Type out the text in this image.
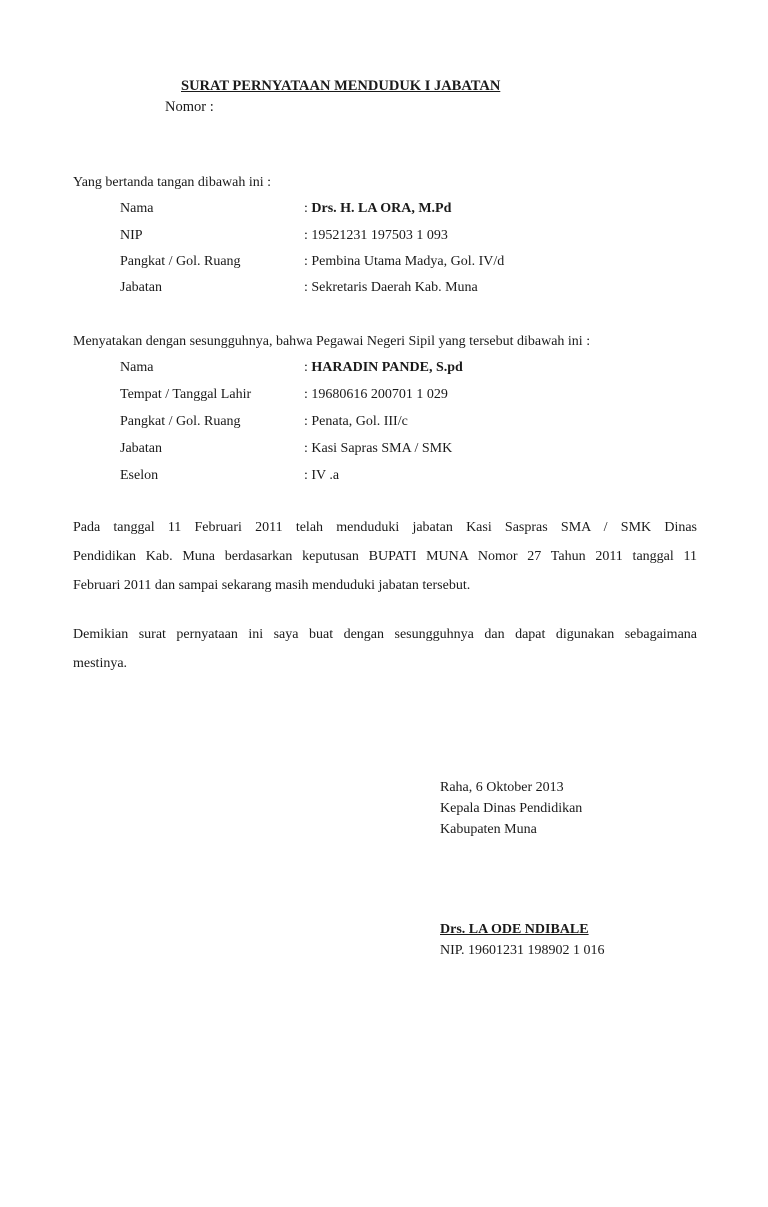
SURAT PERNYATAAN MENDUDUK I JABATAN
Nomor :
Yang bertanda tangan dibawah ini :
Nama	: Drs. H. LA ORA, M.Pd
NIP	: 19521231 197503 1 093
Pangkat / Gol. Ruang	: Pembina Utama Madya, Gol. IV/d
Jabatan	: Sekretaris Daerah Kab. Muna
Menyatakan dengan sesungguhnya, bahwa Pegawai Negeri Sipil yang tersebut dibawah ini :
Nama	: HARADIN PANDE, S.pd
Tempat / Tanggal Lahir	: 19680616 200701 1 029
Pangkat / Gol. Ruang	: Penata, Gol. III/c
Jabatan	: Kasi Sapras SMA / SMK
Eselon	: IV .a
Pada tanggal 11 Februari 2011 telah menduduki jabatan Kasi Saspras SMA / SMK Dinas
Pendidikan Kab. Muna berdasarkan keputusan BUPATI MUNA Nomor 27 Tahun 2011 tanggal 11
Februari 2011 dan sampai sekarang masih menduduki jabatan tersebut.
Demikian surat pernyataan ini saya buat dengan sesungguhnya dan dapat digunakan sebagaimana
mestinya.
Raha, 6 Oktober 2013
Kepala Dinas Pendidikan
Kabupaten Muna
Drs. LA ODE NDIBALE
NIP. 19601231 198902 1 016
